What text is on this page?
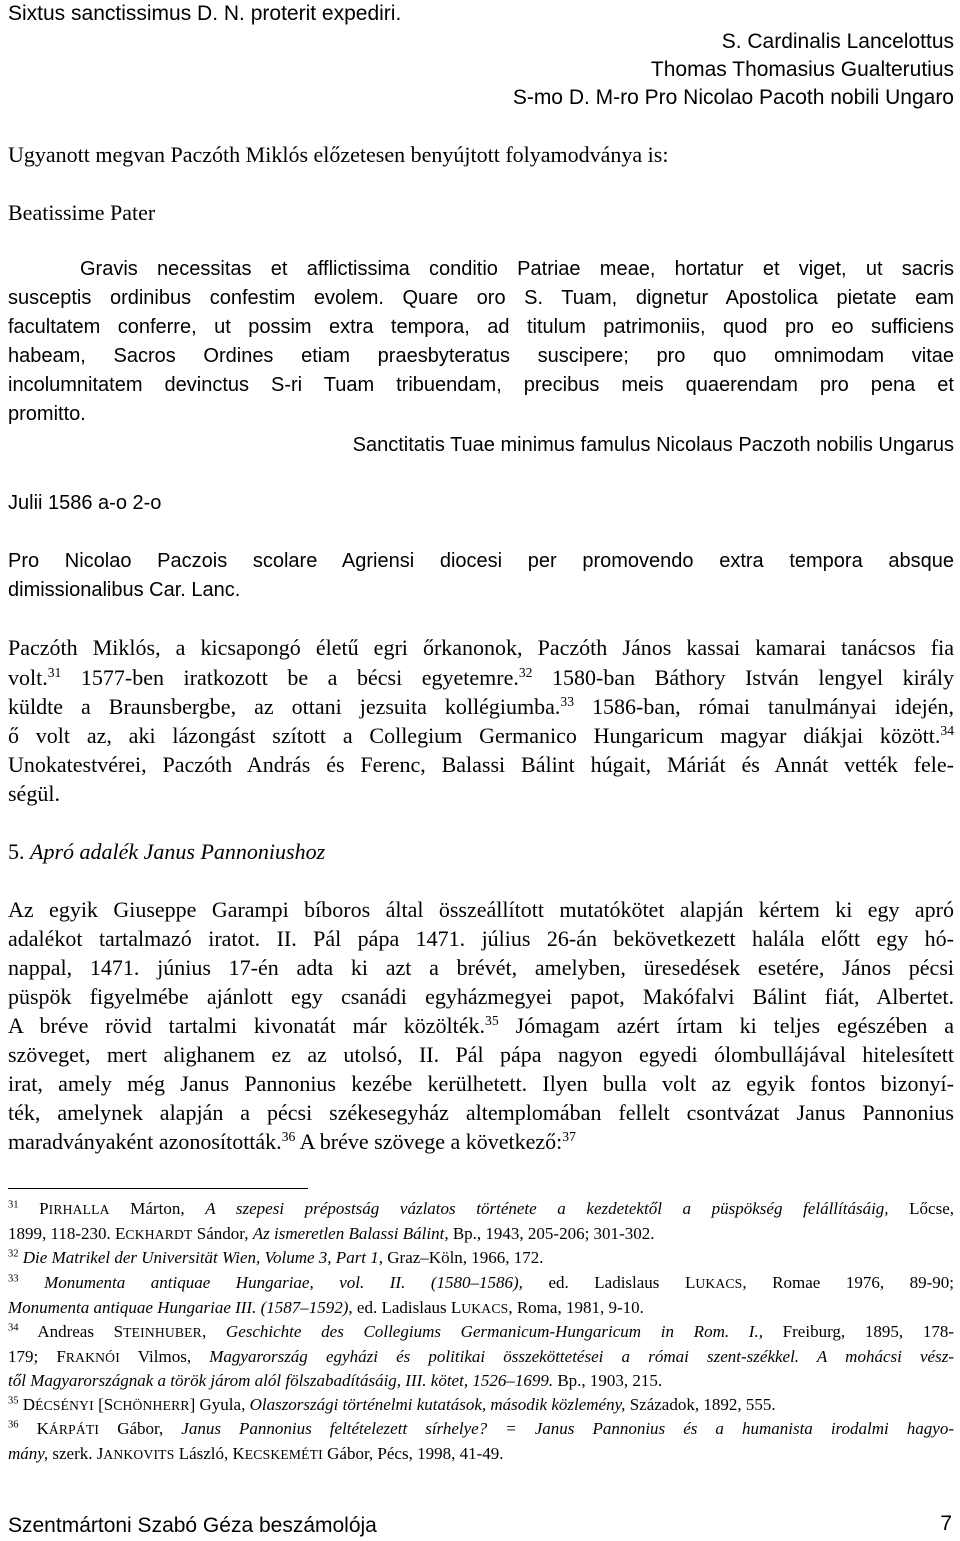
Sixtus sanctissimus D. N. proterit expediri.
S. Cardinalis Lancelottus
Thomas Thomasius Gualterutius
S-mo D. M-ro Pro Nicolao Pacoth nobili Ungaro
Ugyanott megvan Paczóth Miklós előzetesen benyújtott folyamodványa is:
Beatissime Pater
Gravis necessitas et afflictissima conditio Patriae meae, hortatur et viget, ut sacris
susceptis ordinibus confestim evolem. Quare oro S. Tuam, dignetur Apostolica pietate eam
facultatem conferre, ut possim extra tempora, ad titulum patrimoniis, quod pro eo sufficiens
habeam, Sacros Ordines etiam praesbyteratus suscipere; pro quo omnimodam vitae
incolumnitatem devinctus S-ri Tuam tribuendam, precibus meis quaerendam pro pena et
promitto.
Sanctitatis Tuae minimus famulus Nicolaus Paczoth nobilis Ungarus
Julii 1586 a-o 2-o
Pro Nicolao Paczois scolare Agriensi diocesi per promovendo extra tempora absque
dimissionalibus Car. Lanc.
Paczóth Miklós, a kicsapongó életű egri őrkanonok, Paczóth János kassai kamarai tanácsos fia
volt.$^{31}$ 1577-ben iratkozott be a bécsi egyetemre.$^{32}$ 1580-ban Báthory István lengyel király
küldte a Braunsbergbe, az ottani jezsuita kollégiumba.$^{33}$ 1586-ban, római tanulmányai idején,
ő volt az, aki lázongást szított a Collegium Germanico Hungaricum magyar diákjai között.$^{34}$
Unokatestvérei, Paczóth András és Ferenc, Balassi Bálint húgait, Máriát és Annát vették fele-
ségül.
5. Apró adalék Janus Pannoniushoz
Az egyik Giuseppe Garampi bíboros által összeállított mutatókötet alapján kértem ki egy apró
adalékot tartalmazó iratot. II. Pál pápa 1471. július 26-án bekövetkezett halála előtt egy hó-
nappal, 1471. június 17-én adta ki azt a brévét, amelyben, üresedések esetére, János pécsi
püspök figyelmébe ajánlott egy csanádi egyházmegyei papot, Makófalvi Bálint fiát, Albertet.
A bréve rövid tartalmi kivonatát már közölték.$^{35}$ Jómagam azért írtam ki teljes egészében a
szöveget, mert alighanem ez az utolsó, II. Pál pápa nagyon egyedi ólombullájával hitelesített
irat, amely még Janus Pannonius kezébe kerülhetett. Ilyen bulla volt az egyik fontos bizonyí-
ték, amelynek alapján a pécsi székesegyház altemplomában fellelt csontvázat Janus Pannonius
maradványaként azonosították.$^{36}$ A bréve szövege a következő:$^{37}$
$^{31}$ PIRHALLA Márton, A szepesi prépostság vázlatos története a kezdetektől a püspökség felállításáig, Lőcse,
1899, 118-230. ECKHARDT Sándor, Az ismeretlen Balassi Bálint, Bp., 1943, 205-206; 301-302.
$^{32}$ Die Matrikel der Universität Wien, Volume 3, Part 1, Graz–Köln, 1966, 172.
$^{33}$ Monumenta antiquae Hungariae, vol. II. (1580–1586), ed. Ladislaus LUKACS, Romae 1976, 89-90;
Monumenta antiquae Hungariae III. (1587–1592), ed. Ladislaus LUKACS, Roma, 1981, 9-10.
$^{34}$ Andreas STEINHUBER, Geschichte des Collegiums Germanicum-Hungaricum in Rom. I., Freiburg, 1895, 178-
179; FRAKNÓI Vilmos, Magyarország egyházi és politikai összeköttetései a római szent-székkel. A mohácsi vész-
től Magyarországnak a török járom alól fölszabadításáig, III. kötet, 1526–1699. Bp., 1903, 215.
$^{35}$ DÉCSÉNYI [SCHÖNHERR] Gyula, Olaszországi történelmi kutatások, második közlemény, Századok, 1892, 555.
$^{36}$ KÁRPÁTI Gábor, Janus Pannonius feltételezett sírhelye? = Janus Pannonius és a humanista irodalmi hagyo-
mány, szerk. JANKOVITS László, KECSKEMÉTI Gábor, Pécs, 1998, 41-49.
Szentmártoni Szabó Géza beszámolója	7
